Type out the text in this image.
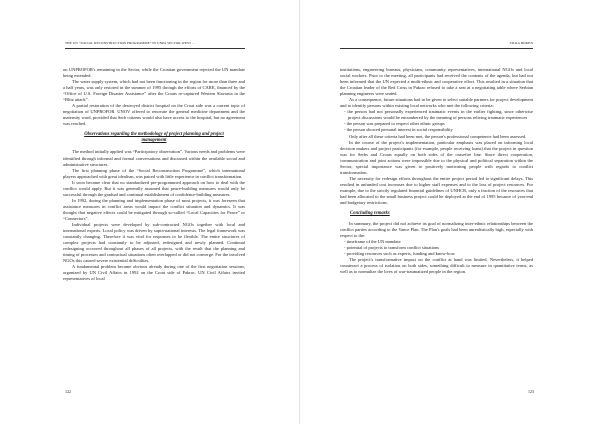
THE UN “SOCIAL RECONSTRUCTION PROGRAMME” IN UNPA SECTOR WEST …

on UNPROFOR's remaining in the Sector, while the Croatian government rejected the UN mandate being extended.

The water supply system, which had not been functioning in the region for more than three and a half years, was only restored in the summer of 1995 through the efforts of CARE, financed by the “Office of U.S. Foreign Disaster Assistance” after the Croats re-captured Western Slavonia in the “Blitz attack”.

A partial restoration of the destroyed district hospital on the Croat side was a current topic of negotiation of UNPROFOR. UNOV offered to renovate the general medicine department and the maternity ward, provided that Serb citizens would also have access to the hospital, but no agreement was reached.

Observations regarding the methodology of project planning and project management

The method initially applied was “Participatory observation”. Various needs and problems were identified through informal and formal conversations and discussed within the available social and administrative structures.

The first planning phase of the “Social Reconstruction Programme”, which international players approached with great idealism, was paired with little experience in conflict transformation.

It soon became clear that no standardized pre-programmed approach on how to deal with the conflict would apply. But it was generally assumed that peace-building measures would only be successful through the gradual and continual establishment of confidence-building measures.

In 1992, during the planning and implementation phase of most projects, it was foreseen that assistance measures in conflict areas would impact the conflict situation and dynamics. It was thought that negative effects could be mitigated through so-called “Local Capacities for Peace” or “Connectors”.

Individual projects were developed by sub-contracted NGOs together with local and international experts. Local policy was driven by supra-national interests. The legal framework was constantly changing. Therefore it was vital for responses to be flexible. The entire structures of complex projects had constantly to be adjusted, redesigned and newly planned. Continual redesigning occurred throughout all phases of all projects, with the result that the planning and timing of processes and contractual situations often overlapped or did not converge. For the involved NGOs this caused severe existential difficulties.

A fundamental problem became obvious already during one of the first negotiation sessions, organized by UN Civil Affairs in 1992 on the Croat side of Pakrac. UN Civil Affairs invited representatives of local

122
SILKA BOKEN

institutions, engineering bureaus, physicians, community representatives, international NGOs and local social workers. Prior to the meeting, all participants had received the contents of the agenda, but had not been informed that the UN expected a multi-ethnic and cooperative effort. This resulted in a situation that the Croatian leader of the Red Cross in Pakrac refused to take a seat at a negotiating table where Serbian planning engineers were seated.

As a consequence, future situations had to be given to select suitable partners for project development and to identify persons within existing local networks who met the following criteria:

- the person had not personally experienced traumatic events in the earlier fighting, since otherwise project discussions would be encumbered by the meaning of persons reliving traumatic experiences
- the person was prepared to respect other ethnic groups
- the person showed personal interest in social responsibility

Only after all these criteria had been met, the person's professional competence had been assessed.

In the course of the project's implementation, particular emphasis was placed on informing local decision makers and project participants (for example, people receiving loans) that the project in question was for Serbs and Croats equally on both sides of the ceasefire line. Since direct cooperation, communication and joint actions were impossible due to the physical and political separation within the Sector, special importance was given to positively motivating people with regards to conflict transformation.

The necessity for redesign efforts throughout the entire project period led to significant delays. This resulted in unfunded cost increases due to higher staff expenses and to the loss of project resources. For example, due to the strictly regulated financial guidelines of UNHCR, only a fraction of the resources that had been allocated to the small business project could be deployed at the end of 1995 because of year-end and budgetary restrictions.

Concluding remarks

In summary, the project did not achieve its goal of normalizing inter-ethnic relationships between the conflict parties according to the Vance Plan. The Plan's goals had been unrealistically high, especially with respect to the:

- timeframe of the UN mandate
- potential of projects to transform conflict situations
- providing resources such as experts, funding and know-how

The project's transformative impact on the conflict at hand was limited. Nevertheless, it helped counteract a process of isolation on both sides, something difficult to measure in quantitative terms, as well as to normalize the lives of war-traumatized people in the region.

123
